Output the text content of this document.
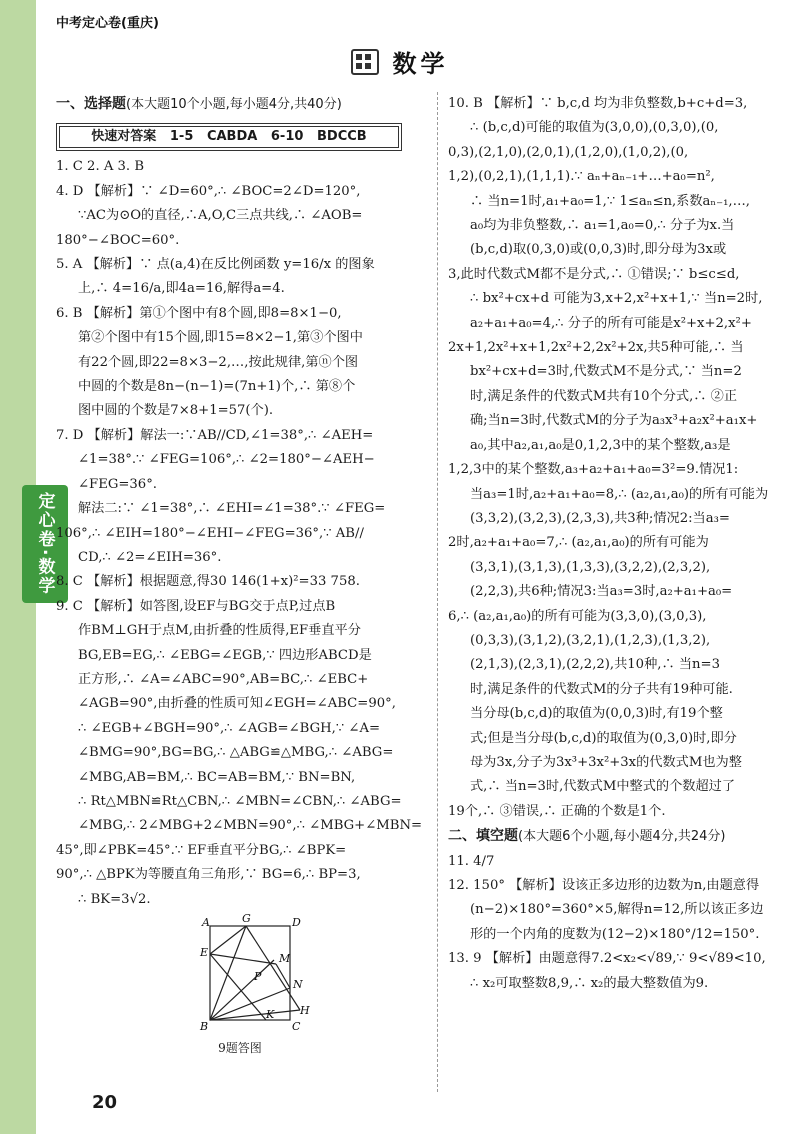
定心卷·数学
中考定心卷(重庆)
数学

一、选择题(本大题10个小题,每小题4分,共40分)

快速对答案   1-5   CABDA   6-10   BDCCB

1. C 2. A 3. B

4. D 【解析】∵ ∠D=60°,∴ ∠BOC=2∠D=120°,

∵AC为⊙O的直径,∴A,O,C三点共线,∴ ∠AOB=

180°−∠BOC=60°.

5. A 【解析】∵ 点(a,4)在反比例函数 y=16/x 的图象

上,∴ 4=16/a,即4a=16,解得a=4.

6. B 【解析】第①个图中有8个圆,即8=8×1−0,

第②个图中有15个圆,即15=8×2−1,第③个图中

有22个圆,即22=8×3−2,…,按此规律,第ⓝ个图

中圆的个数是8n−(n−1)=(7n+1)个,∴ 第⑧个

图中圆的个数是7×8+1=57(个).

7. D 【解析】解法一:∵AB//CD,∠1=38°,∴ ∠AEH=

∠1=38°.∵ ∠FEG=106°,∴ ∠2=180°−∠AEH−

∠FEG=36°.

解法二:∵ ∠1=38°,∴ ∠EHI=∠1=38°.∵ ∠FEG=

106°,∴ ∠EIH=180°−∠EHI−∠FEG=36°,∵ AB//

CD,∴ ∠2=∠EIH=36°.

8. C 【解析】根据题意,得30 146(1+x)²=33 758.

9. C 【解析】如答图,设EF与BG交于点P,过点B

作BM⊥GH于点M,由折叠的性质得,EF垂直平分

BG,EB=EG,∴ ∠EBG=∠EGB,∵ 四边形ABCD是

正方形,∴ ∠A=∠ABC=90°,AB=BC,∴ ∠EBC+

∠AGB=90°,由折叠的性质可知∠EGH=∠ABC=90°,

∴ ∠EGB+∠BGH=90°,∴ ∠AGB=∠BGH,∵ ∠A=

∠BMG=90°,BG=BG,∴ △ABG≌△MBG,∴ ∠ABG=

∠MBG,AB=BM,∴ BC=AB=BM,∵ BN=BN,

∴ Rt△MBN≌Rt△CBN,∴ ∠MBN=∠CBN,∴ ∠ABG=

∠MBG,∴ 2∠MBG+2∠MBN=90°,∴ ∠MBG+∠MBN=

45°,即∠PBK=45°.∵ EF垂直平分BG,∴ ∠BPK=

90°,∴ △BPK为等腰直角三角形,∵ BG=6,∴ BP=3,

∴ BK=3√2.

A	G	D
E	M
P
N
B
K
C
H
9题答图

10. B 【解析】∵ b,c,d 均为非负整数,b+c+d=3,

∴ (b,c,d)可能的取值为(3,0,0),(0,3,0),(0,

0,3),(2,1,0),(2,0,1),(1,2,0),(1,0,2),(0,

1,2),(0,2,1),(1,1,1).∵ aₙ+aₙ₋₁+…+a₀=n²,

∴ 当n=1时,a₁+a₀=1,∵ 1≤aₙ≤n,系数aₙ₋₁,…,

a₀均为非负整数,∴ a₁=1,a₀=0,∴ 分子为x.当

(b,c,d)取(0,3,0)或(0,0,3)时,即分母为3x或

3,此时代数式M都不是分式,∴ ①错误;∵ b≤c≤d,

∴ bx²+cx+d 可能为3,x+2,x²+x+1,∵ 当n=2时,

a₂+a₁+a₀=4,∴ 分子的所有可能是x²+x+2,x²+

2x+1,2x²+x+1,2x²+2,2x²+2x,共5种可能,∴ 当

bx²+cx+d=3时,代数式M不是分式,∵ 当n=2

时,满足条件的代数式M共有10个分式,∴ ②正

确;当n=3时,代数式M的分子为a₃x³+a₂x²+a₁x+

a₀,其中a₂,a₁,a₀是0,1,2,3中的某个整数,a₃是

1,2,3中的某个整数,a₃+a₂+a₁+a₀=3²=9.情况1:

当a₃=1时,a₂+a₁+a₀=8,∴ (a₂,a₁,a₀)的所有可能为

(3,3,2),(3,2,3),(2,3,3),共3种;情况2:当a₃=

2时,a₂+a₁+a₀=7,∴ (a₂,a₁,a₀)的所有可能为

(3,3,1),(3,1,3),(1,3,3),(3,2,2),(2,3,2),

(2,2,3),共6种;情况3:当a₃=3时,a₂+a₁+a₀=

6,∴ (a₂,a₁,a₀)的所有可能为(3,3,0),(3,0,3),

(0,3,3),(3,1,2),(3,2,1),(1,2,3),(1,3,2),

(2,1,3),(2,3,1),(2,2,2),共10种,∴ 当n=3

时,满足条件的代数式M的分子共有19种可能.

当分母(b,c,d)的取值为(0,0,3)时,有19个整

式;但是当分母(b,c,d)的取值为(0,3,0)时,即分

母为3x,分子为3x³+3x²+3x的代数式M也为整

式,∴ 当n=3时,代数式M中整式的个数超过了

19个,∴ ③错误,∴ 正确的个数是1个.

二、填空题(本大题6个小题,每小题4分,共24分)

11. 4/7

12. 150° 【解析】设该正多边形的边数为n,由题意得

(n−2)×180°=360°×5,解得n=12,所以该正多边

形的一个内角的度数为(12−2)×180°/12=150°.

13. 9 【解析】由题意得7.2<x₂<√89,∵ 9<√89<10,

∴ x₂可取整数8,9,∴ x₂的最大整数值为9.

20
